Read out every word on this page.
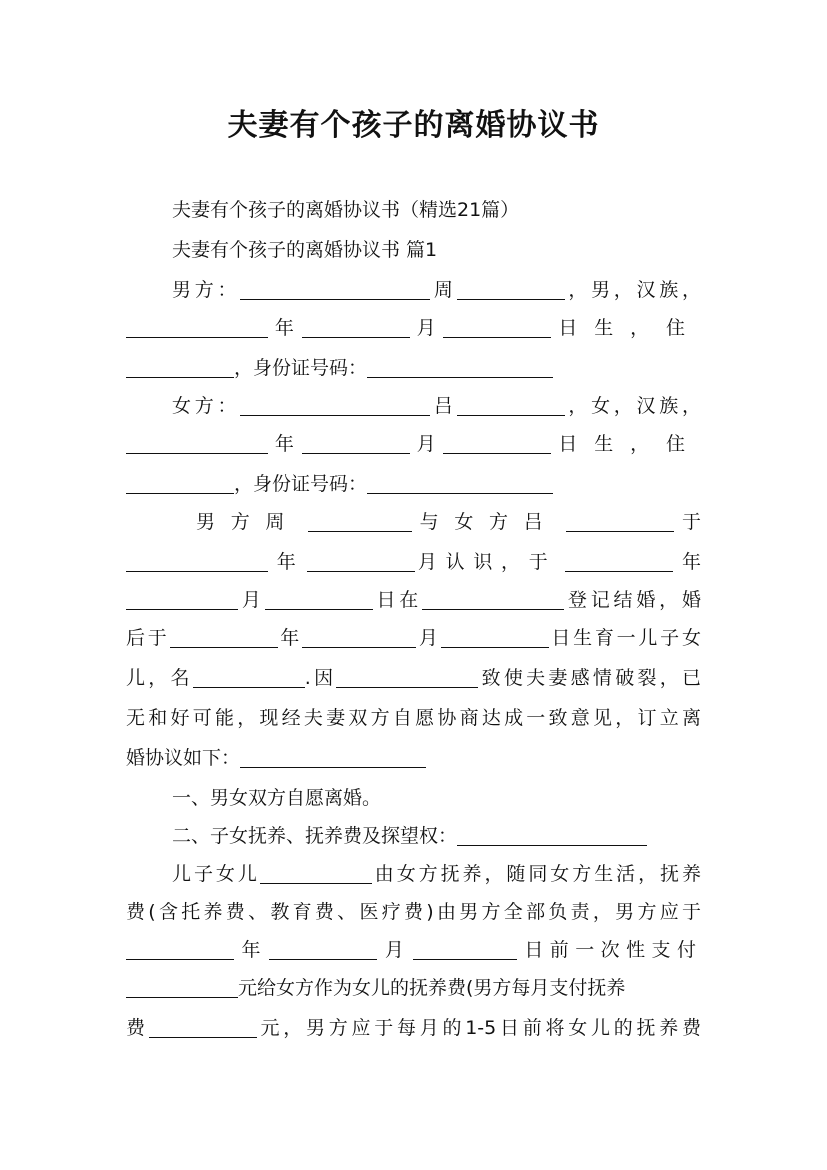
夫妻有个孩子的离婚协议书
夫妻有个孩子的离婚协议书（精选21篇）
夫妻有个孩子的离婚协议书 篇1
男方：	周	，男，汉族，
年	月	日生，住
，身份证号码：
女方：	吕	，女，汉族，
年	月	日生，住
，身份证号码：
男方周	与女方吕	于
年	月认识，于	年
月	日在	登记结婚，婚
后于	年	月	日生育一儿子女
儿，名	.因	致使夫妻感情破裂，已
无和好可能，现经夫妻双方自愿协商达成一致意见，订立离
婚协议如下：
一、男女双方自愿离婚。
二、子女抚养、抚养费及探望权：
儿子女儿	由女方抚养，随同女方生活，抚养
费(含托养费、教育费、医疗费)由男方全部负责，男方应于
年	月	日前一次性支付
元给女方作为女儿的抚养费(男方每月支付抚养
费	元，男方应于每月的1-5日前将女儿的抚养费
